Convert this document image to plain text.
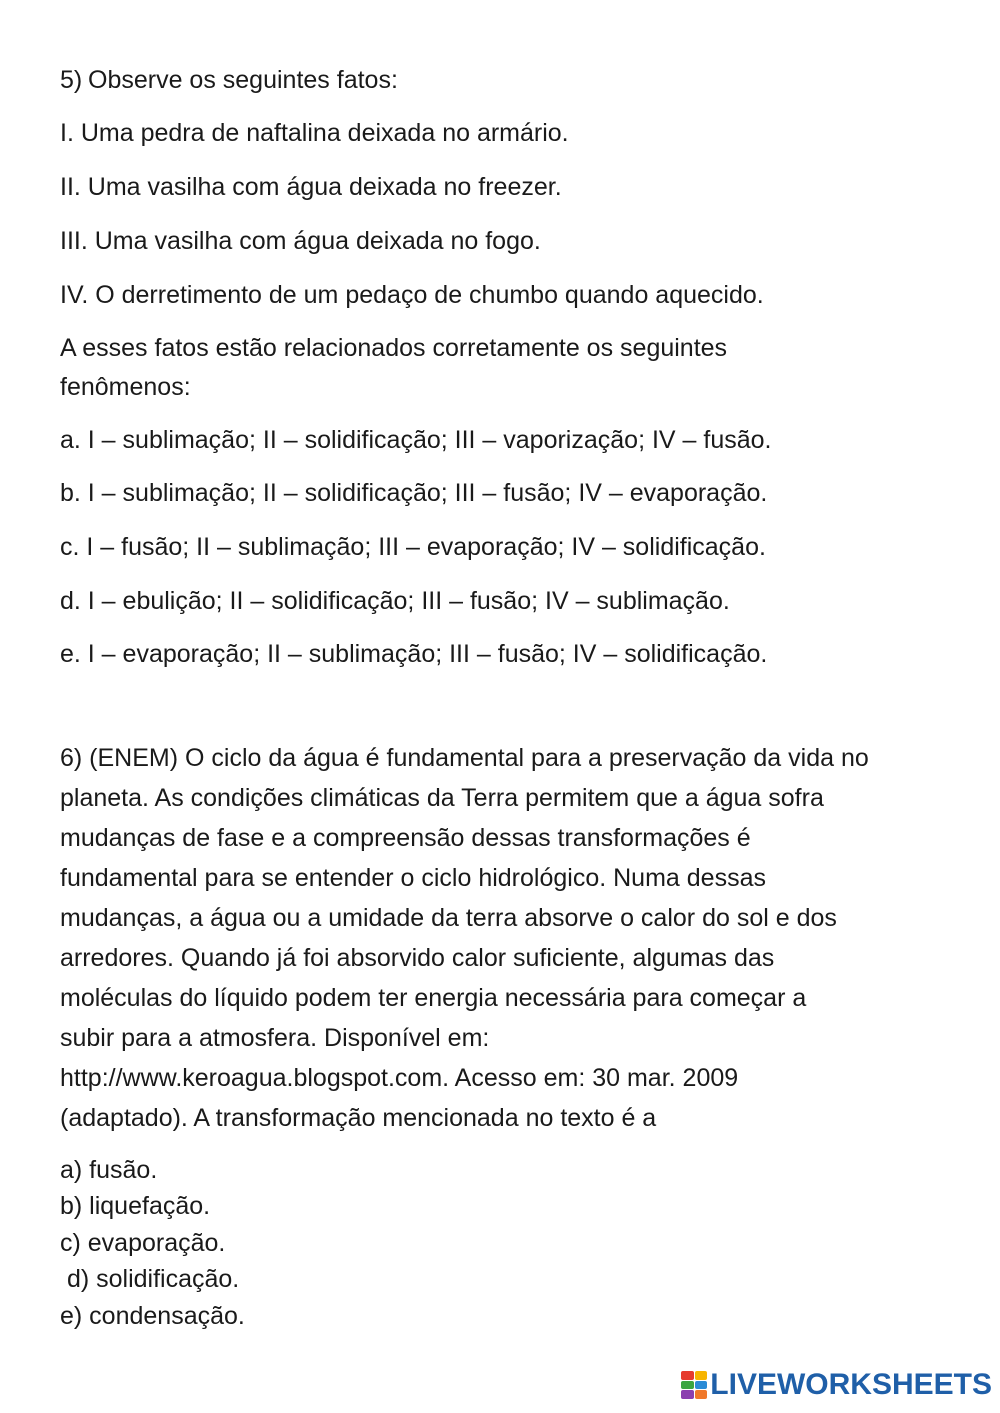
5) Observe os seguintes fatos:
I. Uma pedra de naftalina deixada no armário.
II. Uma vasilha com água deixada no freezer.
III. Uma vasilha com água deixada no fogo.
IV. O derretimento de um pedaço de chumbo quando aquecido.
A esses fatos estão relacionados corretamente os seguintes
fenômenos:
a. I – sublimação; II – solidificação; III – vaporização; IV – fusão.
b. I – sublimação; II – solidificação; III – fusão; IV – evaporação.
c. I – fusão; II – sublimação; III – evaporação; IV – solidificação.
d. I – ebulição; II – solidificação; III – fusão; IV – sublimação.
e. I – evaporação; II – sublimação; III – fusão; IV – solidificação.
6) (ENEM) O ciclo da água é fundamental para a preservação da vida no
planeta. As condições climáticas da Terra permitem que a água sofra
mudanças de fase e a compreensão dessas transformações é
fundamental para se entender o ciclo hidrológico. Numa dessas
mudanças, a água ou a umidade da terra absorve o calor do sol e dos
arredores. Quando já foi absorvido calor suficiente, algumas das
moléculas do líquido podem ter energia necessária para começar a
subir para a atmosfera. Disponível em:
http://www.keroagua.blogspot.com. Acesso em: 30 mar. 2009
(adaptado). A transformação mencionada no texto é a
a) fusão.
b) liquefação.
c) evaporação.
d) solidificação.
e) condensação.
LIVEWORKSHEETS
